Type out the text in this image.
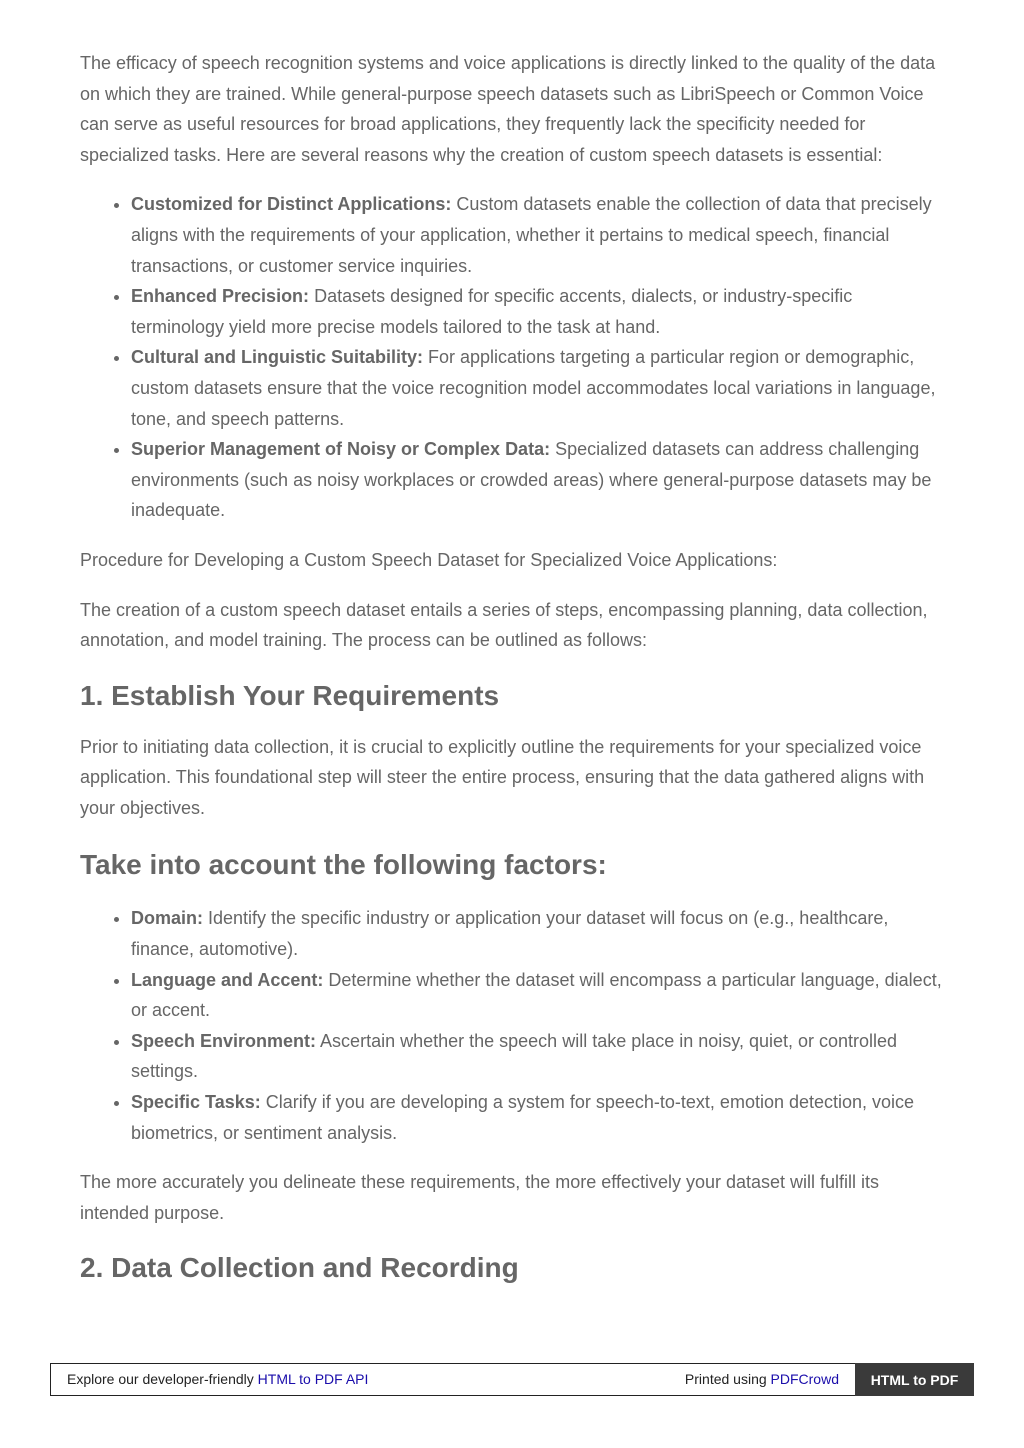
The efficacy of speech recognition systems and voice applications is directly linked to the quality of the data on which they are trained. While general-purpose speech datasets such as LibriSpeech or Common Voice can serve as useful resources for broad applications, they frequently lack the specificity needed for specialized tasks. Here are several reasons why the creation of custom speech datasets is essential:

• Customized for Distinct Applications: Custom datasets enable the collection of data that precisely aligns with the requirements of your application, whether it pertains to medical speech, financial transactions, or customer service inquiries.
• Enhanced Precision: Datasets designed for specific accents, dialects, or industry-specific terminology yield more precise models tailored to the task at hand.
• Cultural and Linguistic Suitability: For applications targeting a particular region or demographic, custom datasets ensure that the voice recognition model accommodates local variations in language, tone, and speech patterns.
• Superior Management of Noisy or Complex Data: Specialized datasets can address challenging environments (such as noisy workplaces or crowded areas) where general-purpose datasets may be inadequate.

Procedure for Developing a Custom Speech Dataset for Specialized Voice Applications:

The creation of a custom speech dataset entails a series of steps, encompassing planning, data collection, annotation, and model training. The process can be outlined as follows:

1. Establish Your Requirements

Prior to initiating data collection, it is crucial to explicitly outline the requirements for your specialized voice application. This foundational step will steer the entire process, ensuring that the data gathered aligns with your objectives.

Take into account the following factors:
• Domain: Identify the specific industry or application your dataset will focus on (e.g., healthcare, finance, automotive).
• Language and Accent: Determine whether the dataset will encompass a particular language, dialect, or accent.
• Speech Environment: Ascertain whether the speech will take place in noisy, quiet, or controlled settings.
• Specific Tasks: Clarify if you are developing a system for speech-to-text, emotion detection, voice biometrics, or sentiment analysis.

The more accurately you delineate these requirements, the more effectively your dataset will fulfill its intended purpose.

2. Data Collection and Recording
Explore our developer-friendly HTML to PDF API	Printed using PDFCrowd	HTML to PDF
